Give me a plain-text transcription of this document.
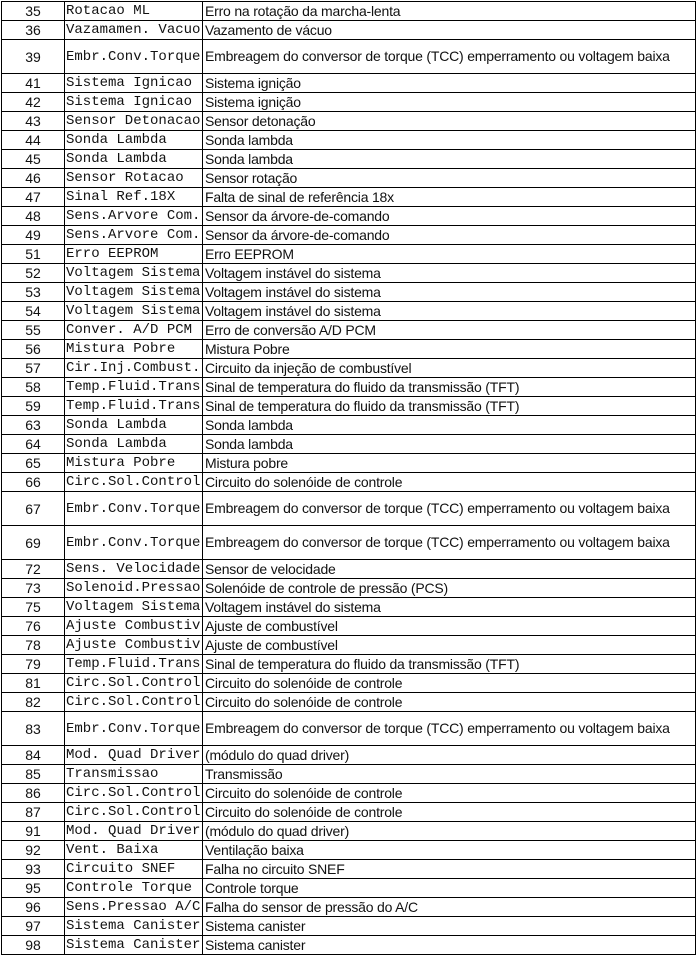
35	Rotacao ML	Erro na rotação da marcha-lenta
36	Vazamamen. Vacuo	Vazamento de vácuo
39	Embr.Conv.Torque	Embreagem do conversor de torque (TCC) emperramento ou voltagem baixa
41	Sistema Ignicao	Sistema ignição
42	Sistema Ignicao	Sistema ignição
43	Sensor Detonacao	Sensor detonação
44	Sonda Lambda	Sonda lambda
45	Sonda Lambda	Sonda lambda
46	Sensor Rotacao	Sensor rotação
47	Sinal Ref.18X	Falta de sinal de referência 18x
48	Sens.Arvore Com.	Sensor da árvore-de-comando
49	Sens.Arvore Com.	Sensor da árvore-de-comando
51	Erro EEPROM	Erro EEPROM
52	Voltagem Sistema	Voltagem instável do sistema
53	Voltagem Sistema	Voltagem instável do sistema
54	Voltagem Sistema	Voltagem instável do sistema
55	Conver. A/D PCM	Erro de conversão A/D PCM
56	Mistura Pobre	Mistura Pobre
57	Cir.Inj.Combust.	Circuito da injeção de combustível
58	Temp.Fluid.Trans	Sinal de temperatura do fluido da transmissão (TFT)
59	Temp.Fluid.Trans	Sinal de temperatura do fluido da transmissão (TFT)
63	Sonda Lambda	Sonda lambda
64	Sonda Lambda	Sonda lambda
65	Mistura Pobre	Mistura pobre
66	Circ.Sol.Control	Circuito do solenóide de controle
67	Embr.Conv.Torque	Embreagem do conversor de torque (TCC) emperramento ou voltagem baixa
69	Embr.Conv.Torque	Embreagem do conversor de torque (TCC) emperramento ou voltagem baixa
72	Sens. Velocidade	Sensor de velocidade
73	Solenoid.Pressao	Solenóide de controle de pressão (PCS)
75	Voltagem Sistema	Voltagem instável do sistema
76	Ajuste Combustiv	Ajuste de combustível
78	Ajuste Combustiv	Ajuste de combustível
79	Temp.Fluid.Trans	Sinal de temperatura do fluido da transmissão (TFT)
81	Circ.Sol.Control	Circuito do solenóide de controle
82	Circ.Sol.Control	Circuito do solenóide de controle
83	Embr.Conv.Torque	Embreagem do conversor de torque (TCC) emperramento ou voltagem baixa
84	Mod. Quad Driver	(módulo do quad driver)
85	Transmissao	Transmissão
86	Circ.Sol.Control	Circuito do solenóide de controle
87	Circ.Sol.Control	Circuito do solenóide de controle
91	Mod. Quad Driver	(módulo do quad driver)
92	Vent. Baixa	Ventilação baixa
93	Circuito SNEF	Falha no circuito SNEF
95	Controle Torque	Controle torque
96	Sens.Pressao A/C	Falha do sensor de pressão do A/C
97	Sistema Canister	Sistema canister
98	Sistema Canister	Sistema canister
